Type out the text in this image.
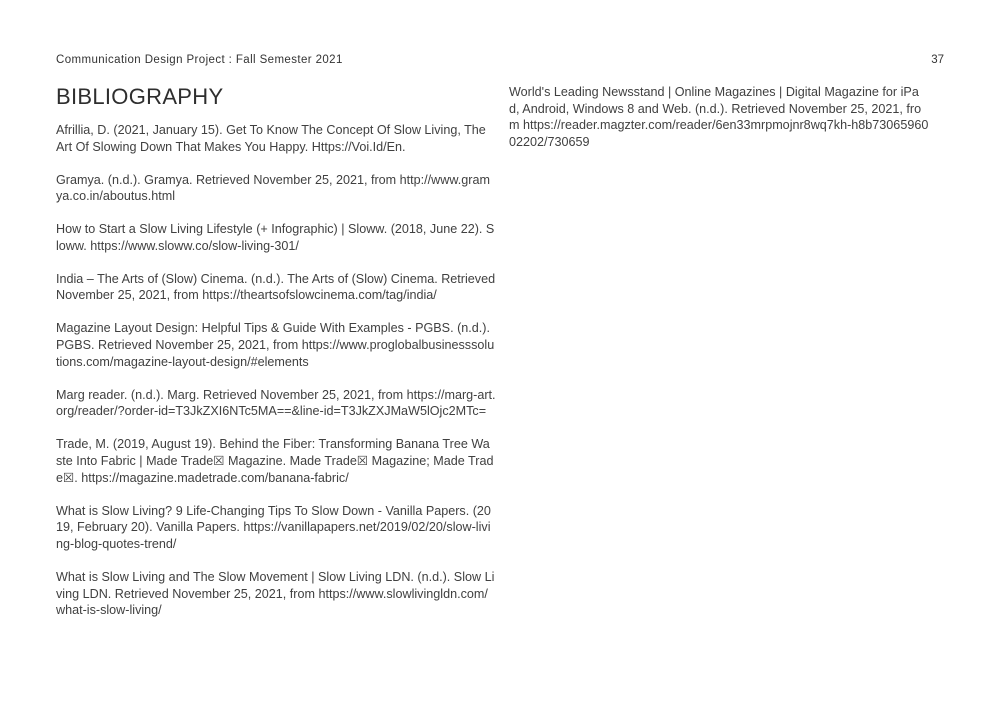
Communication Design Project : Fall Semester 2021	37
BIBLIOGRAPHY

Afrillia, D. (2021, January 15). Get To Know The Concept Of Slow Living, The Art Of Slowing Down That Makes You Happy. Https://Voi.Id/En.

Gramya. (n.d.). Gramya. Retrieved November 25, 2021, from http://www.gramya.co.in/aboutus.html

How to Start a Slow Living Lifestyle (+ Infographic) | Sloww. (2018, June 22). Sloww. https://www.sloww.co/slow-living-301/

India – The Arts of (Slow) Cinema. (n.d.). The Arts of (Slow) Cinema. Retrieved November 25, 2021, from https://theartsofslowcinema.com/tag/india/

Magazine Layout Design: Helpful Tips & Guide With Examples - PGBS. (n.d.). PGBS. Retrieved November 25, 2021, from https://www.proglobalbusinesssolutions.com/magazine-layout-design/#elements

Marg reader. (n.d.). Marg. Retrieved November 25, 2021, from https://marg-art.org/reader/?order-id=T3JkZXI6NTc5MA==&line-id=T3JkZXJMaW5lOjc2MTc=

Trade, M. (2019, August 19). Behind the Fiber: Transforming Banana Tree Waste Into Fabric | Made Trade☒ Magazine. Made Trade☒ Magazine; Made Trade☒. https://magazine.madetrade.com/banana-fabric/

What is Slow Living? 9 Life-Changing Tips To Slow Down - Vanilla Papers. (2019, February 20). Vanilla Papers. https://vanillapapers.net/2019/02/20/slow-living-blog-quotes-trend/

What is Slow Living and The Slow Movement | Slow Living LDN. (n.d.). Slow Living LDN. Retrieved November 25, 2021, from https://www.slowlivingldn.com/what-is-slow-living/

World's Leading Newsstand | Online Magazines | Digital Magazine for iPad, Android, Windows 8 and Web. (n.d.). Retrieved November 25, 2021, from https://reader.magzter.com/reader/6en33mrpmojnr8wq7kh-h8b7306596002202/730659
